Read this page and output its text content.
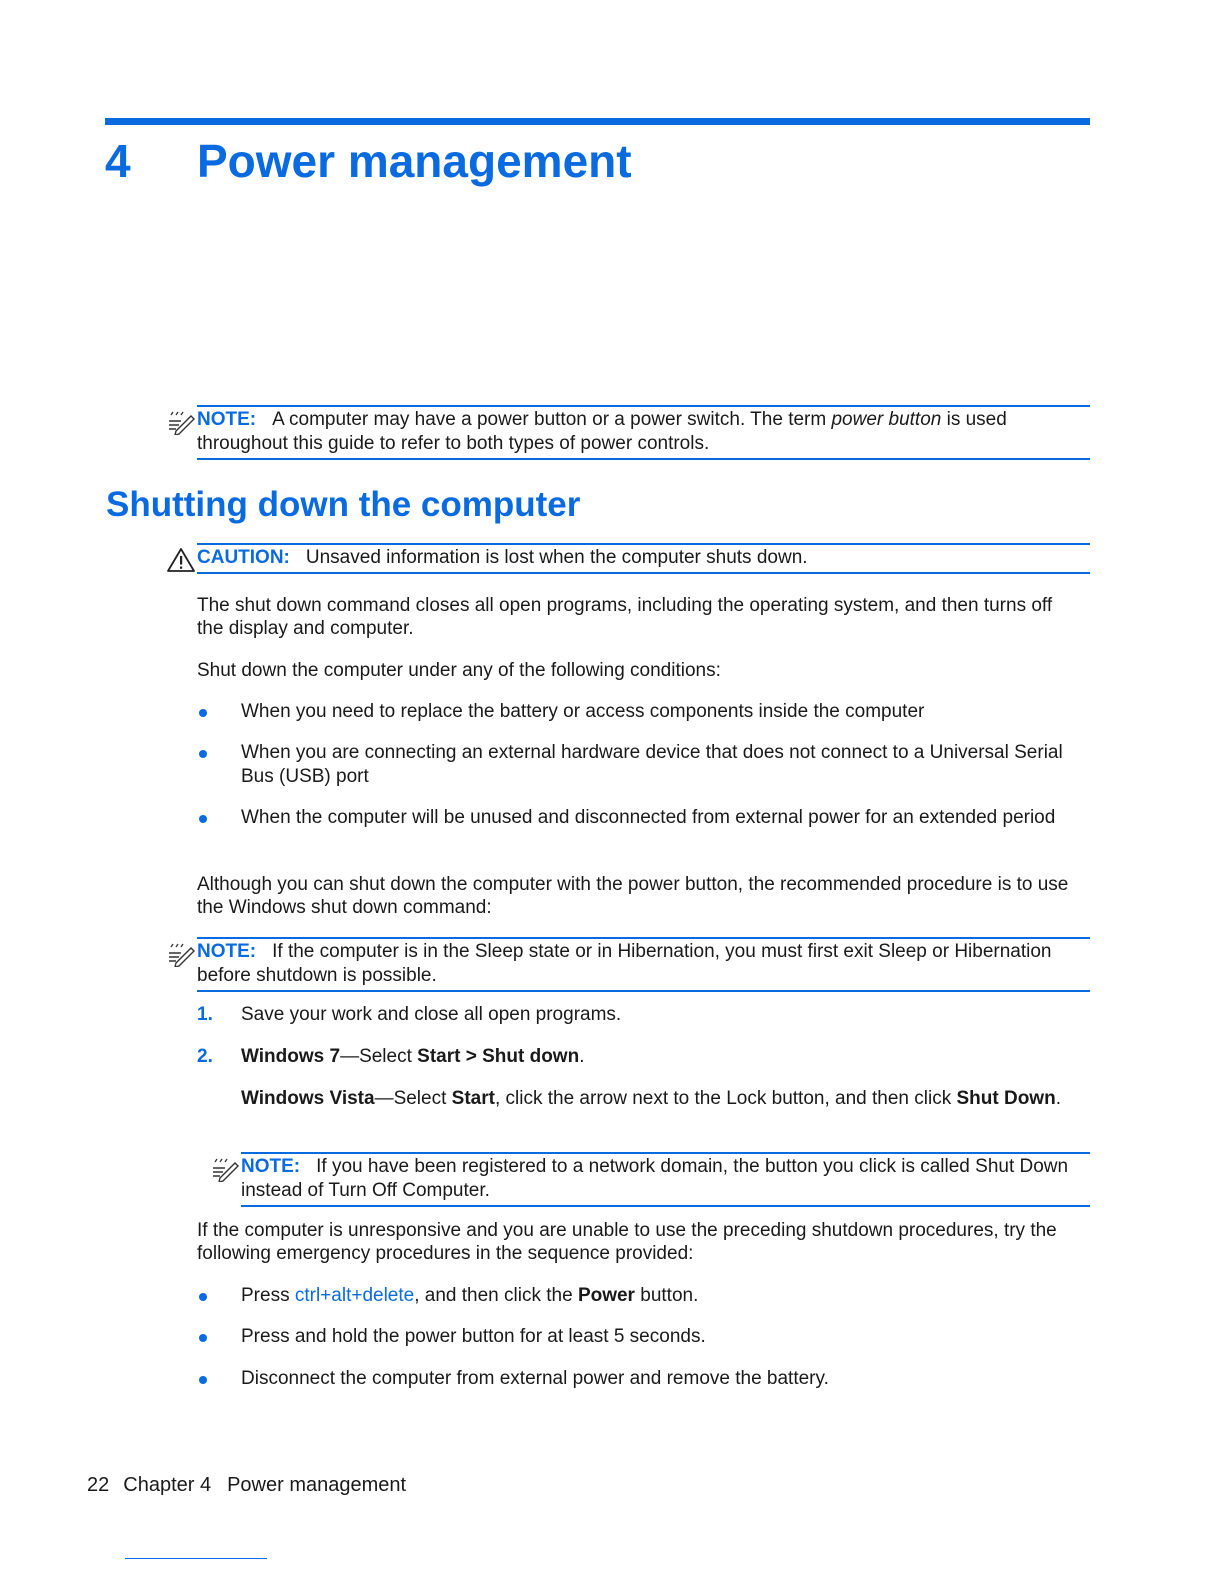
4 Power management
NOTE: A computer may have a power button or a power switch. The term power button is used throughout this guide to refer to both types of power controls.
Shutting down the computer
CAUTION: Unsaved information is lost when the computer shuts down.

The shut down command closes all open programs, including the operating system, and then turns off the display and computer.

Shut down the computer under any of the following conditions:

When you need to replace the battery or access components inside the computer
When you are connecting an external hardware device that does not connect to a Universal Serial Bus (USB) port
When the computer will be unused and disconnected from external power for an extended period

Although you can shut down the computer with the power button, the recommended procedure is to use the Windows shut down command:

NOTE: If the computer is in the Sleep state or in Hibernation, you must first exit Sleep or Hibernation before shutdown is possible.
1. Save your work and close all open programs.
2. Windows 7—Select Start > Shut down.
Windows Vista—Select Start, click the arrow next to the Lock button, and then click Shut Down.
NOTE: If you have been registered to a network domain, the button you click is called Shut Down instead of Turn Off Computer.

If the computer is unresponsive and you are unable to use the preceding shutdown procedures, try the following emergency procedures in the sequence provided:

Press ctrl+alt+delete, and then click the Power button.
Press and hold the power button for at least 5 seconds.
Disconnect the computer from external power and remove the battery.
22 Chapter 4 Power management
